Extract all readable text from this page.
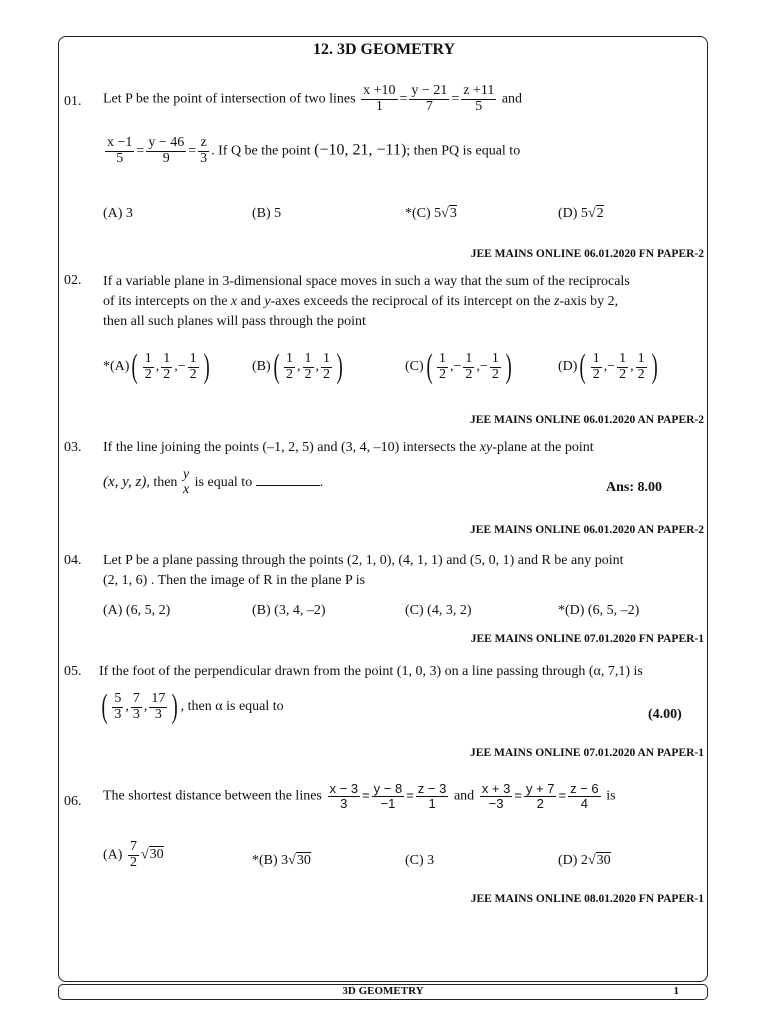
12. 3D GEOMETRY
01. Let P be the point of intersection of two lines $\frac{x +10}{1} = \frac{y - 21}{7} = \frac{z +11}{5}$ and
$\frac{x -1}{5} = \frac{y - 46}{9} = \frac{z}{3}$ . If Q be the point (−10, 21, −11); then PQ is equal to
(A) 3	(B) 5	*(C) 5√3	(D) 5√2
JEE MAINS ONLINE 06.01.2020 FN PAPER-2
02. If a variable plane in 3-dimensional space moves in such a way that the sum of the reciprocals
of its intercepts on the x and y-axes exceeds the reciprocal of its intercept on the z-axis by 2,
then all such planes will pass through the point
$*(A)( \frac{1}{2}$ , $\frac{1}{2}$ ,− $\frac{1}{2}$ )	$(B)( \frac{1}{2}$ , $\frac{1}{2}$ , $\frac{1}{2}$ )	$(C)( \frac{1}{2}$ ,− $\frac{1}{2}$ ,− $\frac{1}{2}$ )	$(D)( \frac{1}{2}$ ,− $\frac{1}{2}$ , $\frac{1}{2}$ )
JEE MAINS ONLINE 06.01.2020 AN PAPER-2
03. If the line joining the points (–1, 2, 5) and (3, 4, –10) intersects the xy-plane at the point
(x, y, z), then
y
x is equal to	.	Ans: 8.00
JEE MAINS ONLINE 06.01.2020 AN PAPER-2
04. Let P be a plane passing through the points (2, 1, 0), (4, 1, 1) and (5, 0, 1) and R be any point
(2, 1, 6) . Then the image of R in the plane P is
(A) (6, 5, 2)	(B) (3, 4, –2)	(C) (4, 3, 2)	*(D) (6, 5, –2)
JEE MAINS ONLINE 07.01.2020 FN PAPER-1
05. If the foot of the perpendicular drawn from the point (1, 0, 3) on a line passing through (α, 7,1) is
( $\frac{5}{3}$ , $\frac{7}{3}$ , $\frac{17}{3}$ ) , then α is equal to
(4.00)
JEE MAINS ONLINE 07.01.2020 AN PAPER-1
06. The shortest distance between the lines $\frac{x - 3}{3} = \frac{y - 8}{-1} = \frac{z - 3}{1}$ and $\frac{x + 3}{-3} = \frac{y + 7}{2} = \frac{z - 6}{4}$ is
$(A) \frac{7}{2} √30$	*(B) 3√30	(C) 3	(D) 2√30
JEE MAINS ONLINE 08.01.2020 FN PAPER-1
3D GEOMETRY	1
